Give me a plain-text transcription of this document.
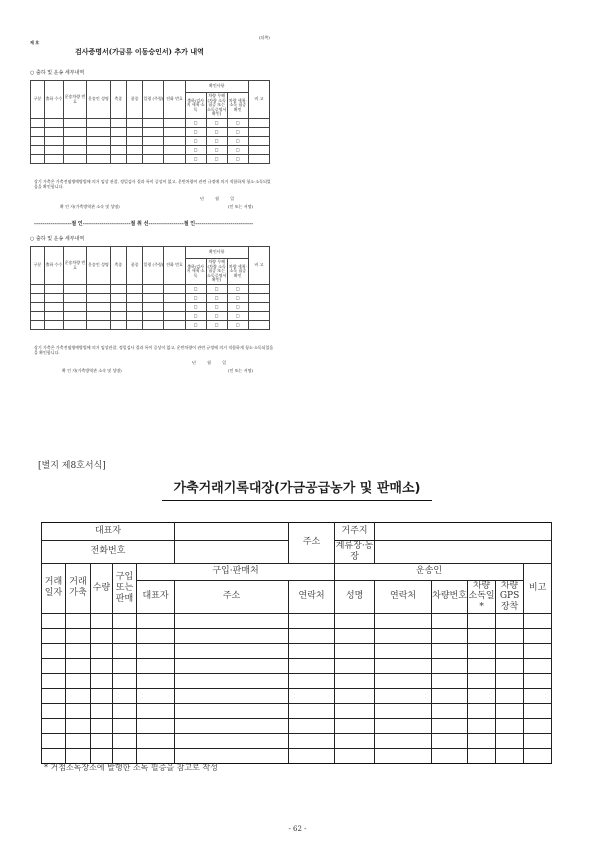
(뒤쪽)
제 호
검사증명서(가금류 이동승인서) 추가 내역
○ 출하 및 운송 세부내역
구분	출하 수수	운송차량 번호	운송인 성명	축종	품종	일령 (주령)	전화 번호	확인사항			비 고
								출하/검사지 세척·소독	차량 무해(차량 소독필증 또는 소독증명서 확인)	차량 세척·소독 필증 확인	
								□	□	□	
								□	□	□	
								□	□	□	
								□	□	□	
								□	□	□	
상기 가축은 가축전염병예방법에 의거 임상 관찰, 정밀검사 결과 특이 증상이 없고, 운반차량이 관련 규정에 의거 적합하게 청소·소독되었음을 확인합니다.
년 월 일
확 인 자(가축방역관 소속 및 성명)	(인 또는 서명)
------------------절 인-----------------------절 취 선-----------------절 인----------------------------
○ 출하 및 운송 세부내역
구분	출하 수수	운송차량 번호	운송인 성명	축종	품종	일령 (주령)	전화 번호	확인사항			비 고
								출하/검사지 세척·소독	차량 무해(차량 소독필증 또는 소독증명서 확인)	차량 세척·소독 필증 확인	
								□	□	□	
								□	□	□	
								□	□	□	
								□	□	□	
								□	□	□	
상기 가축은 가축전염병예방법에 의거 임상관찰, 정밀검사 결과 특이 증상이 없고, 운반차량이 관련 규정에 의거 적합하게 청소·소독되었음을 확인합니다.
년 월 일
확 인 자(가축방역관 소속 및 성명)	(인 또는 서명)
[별지 제8호서식]
가축거래기록대장(가금공급농가 및 판매소)
대표자						주소	거주지					
전화번호							계류장·농장					
거래 일자	거래 가축	수량	구입 또는 판매	구입·판매처			운송인					비고
				대표자	주소	연락처	성명	연락처	차량번호	차량 소독일*	차량GPS 장착	

* 거점소독장소에 발행한 소독 필증을 참고로 작성
- 62 -
